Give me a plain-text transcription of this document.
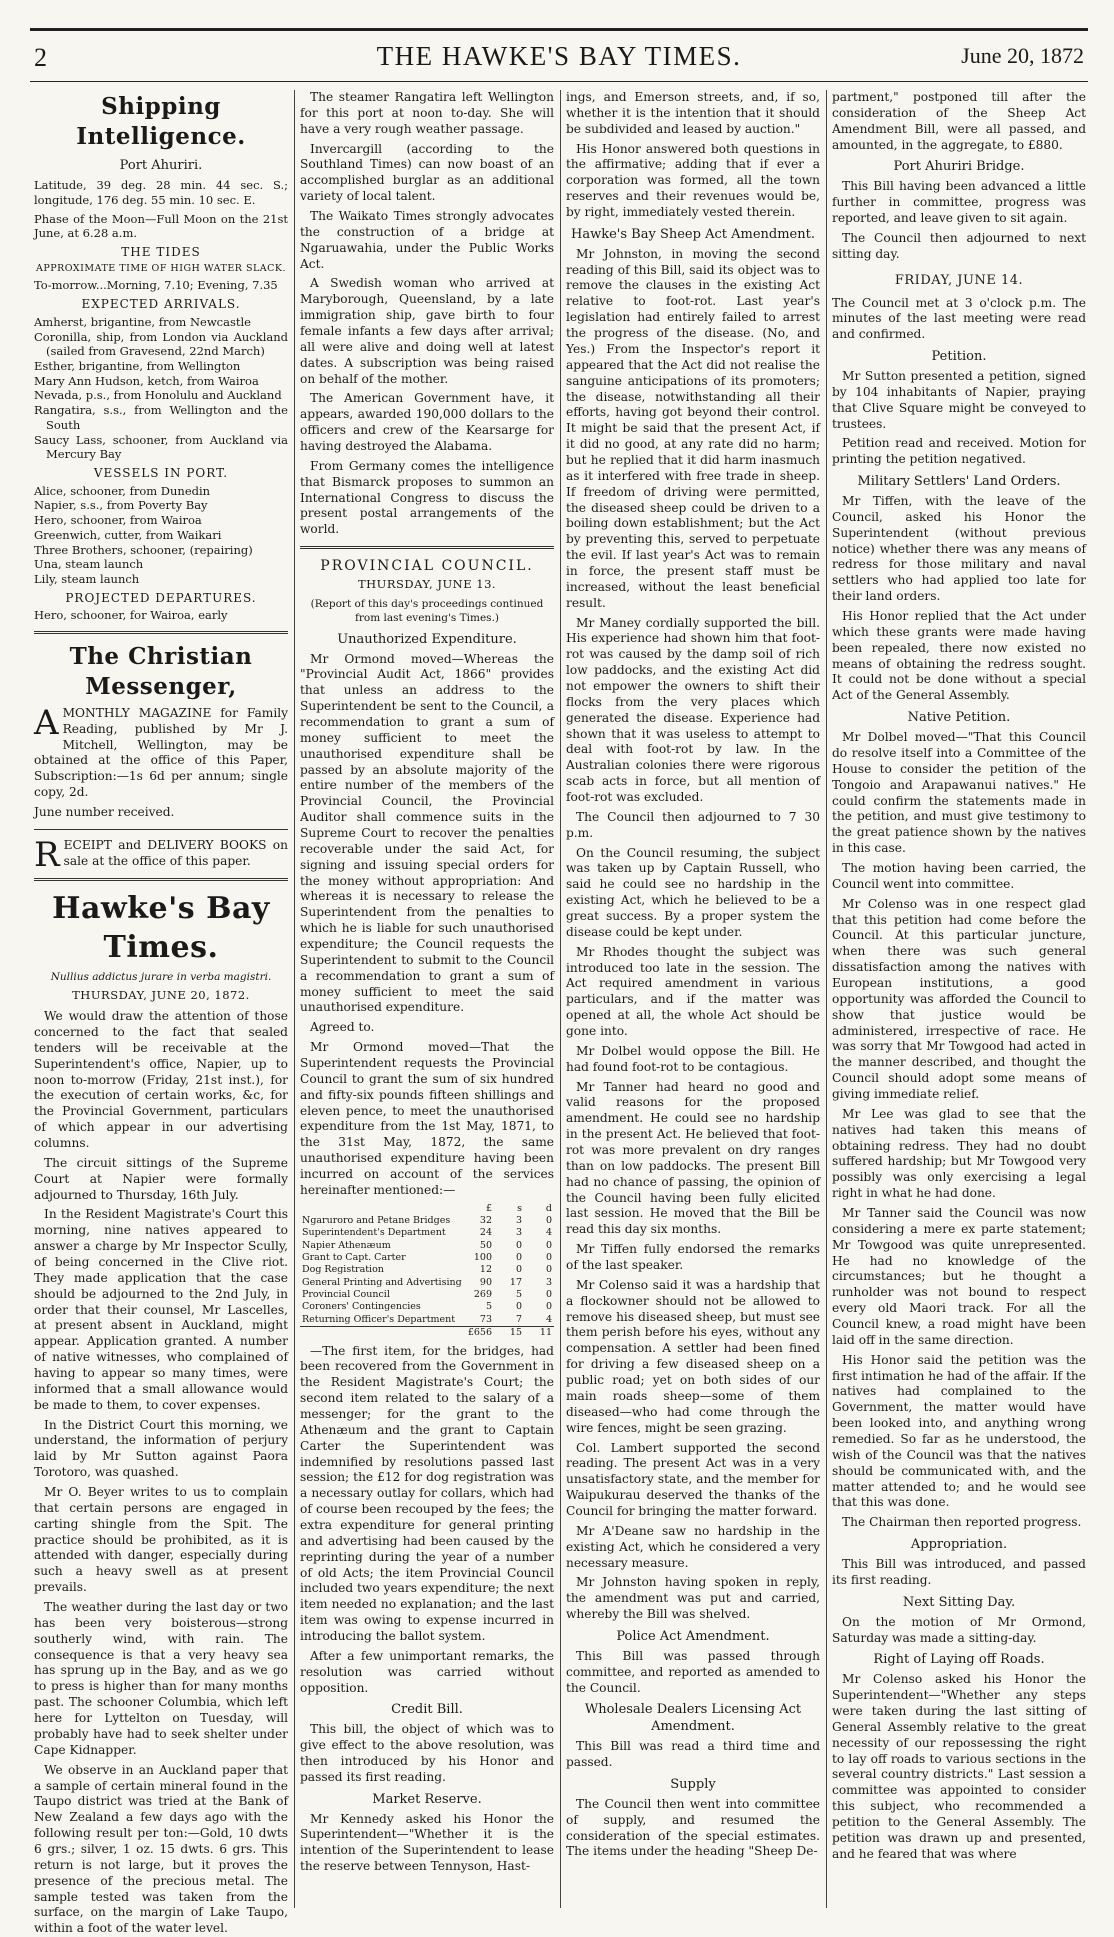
2	THE HAWKE'S BAY TIMES.	June 20, 1872
Shipping Intelligence.
Port Ahuriri.

Latitude, 39 deg. 28 min. 44 sec. S.; longitude, 176 deg. 55 min. 10 sec. E.

Phase of the Moon—Full Moon on the 21st June, at 6.28 a.m.

THE TIDES
APPROXIMATE TIME OF HIGH WATER SLACK.

To-morrow...Morning, 7.10; Evening, 7.35

EXPECTED ARRIVALS.
Amherst, brigantine, from Newcastle
Coronilla, ship, from London via Auckland (sailed from Gravesend, 22nd March)
Esther, brigantine, from Wellington
Mary Ann Hudson, ketch, from Wairoa
Nevada, p.s., from Honolulu and Auckland
Rangatira, s.s., from Wellington and the South
Saucy Lass, schooner, from Auckland via Mercury Bay
VESSELS IN PORT.
Alice, schooner, from Dunedin
Napier, s.s., from Poverty Bay
Hero, schooner, from Wairoa
Greenwich, cutter, from Waikari
Three Brothers, schooner, (repairing)
Una, steam launch
Lily, steam launch
PROJECTED DEPARTURES.
Hero, schooner, for Wairoa, early
The Christian Messenger,

AMONTHLY MAGAZINE for Family Reading, published by Mr J. Mitchell, Wellington, may be obtained at the office of this Paper, Subscription:—1s 6d per annum; single copy, 2d.

June number received.

RECEIPT and DELIVERY BOOKS on sale at the office of this paper.

Hawke's Bay Times.
Nullius addictus jurare in verba magistri.
THURSDAY, JUNE 20, 1872.

We would draw the attention of those concerned to the fact that sealed tenders will be receivable at the Superintendent's office, Napier, up to noon to-morrow (Friday, 21st inst.), for the execution of certain works, &c, for the Provincial Government, particulars of which appear in our advertising columns.

The circuit sittings of the Supreme Court at Napier were formally adjourned to Thursday, 16th July.

In the Resident Magistrate's Court this morning, nine natives appeared to answer a charge by Mr Inspector Scully, of being concerned in the Clive riot. They made application that the case should be adjourned to the 2nd July, in order that their counsel, Mr Lascelles, at present absent in Auckland, might appear. Application granted. A number of native witnesses, who complained of having to appear so many times, were informed that a small allowance would be made to them, to cover expenses.

In the District Court this morning, we understand, the information of perjury laid by Mr Sutton against Paora Torotoro, was quashed.

Mr O. Beyer writes to us to complain that certain persons are engaged in carting shingle from the Spit. The practice should be prohibited, as it is attended with danger, especially during such a heavy swell as at present prevails.

The weather during the last day or two has been very boisterous—strong southerly wind, with rain. The consequence is that a very heavy sea has sprung up in the Bay, and as we go to press is higher than for many months past. The schooner Columbia, which left here for Lyttelton on Tuesday, will probably have had to seek shelter under Cape Kidnapper.

We observe in an Auckland paper that a sample of certain mineral found in the Taupo district was tried at the Bank of New Zealand a few days ago with the following result per ton:—Gold, 10 dwts 6 grs.; silver, 1 oz. 15 dwts. 6 grs. This return is not large, but it proves the presence of the precious metal. The sample tested was taken from the surface, on the margin of Lake Taupo, within a foot of the water level.

The steamer Rangatira left Wellington for this port at noon to-day. She will have a very rough weather passage.

Invercargill (according to the Southland Times) can now boast of an accomplished burglar as an additional variety of local talent.

The Waikato Times strongly advocates the construction of a bridge at Ngaruawahia, under the Public Works Act.

A Swedish woman who arrived at Maryborough, Queensland, by a late immigration ship, gave birth to four female infants a few days after arrival; all were alive and doing well at latest dates. A subscription was being raised on behalf of the mother.

The American Government have, it appears, awarded 190,000 dollars to the officers and crew of the Kearsarge for having destroyed the Alabama.

From Germany comes the intelligence that Bismarck proposes to summon an International Congress to discuss the present postal arrangements of the world.

PROVINCIAL COUNCIL.
THURSDAY, JUNE 13.
(Report of this day's proceedings continued from last evening's Times.)
Unauthorized Expenditure.

Mr Ormond moved—Whereas the "Provincial Audit Act, 1866" provides that unless an address to the Superintendent be sent to the Council, a recommendation to grant a sum of money sufficient to meet the unauthorised expenditure shall be passed by an absolute majority of the entire number of the members of the Provincial Council, the Provincial Auditor shall commence suits in the Supreme Court to recover the penalties recoverable under the said Act, for signing and issuing special orders for the money without appropriation: And whereas it is necessary to release the Superintendent from the penalties to which he is liable for such unauthorised expenditure; the Council requests the Superintendent to submit to the Council a recommendation to grant a sum of money sufficient to meet the said unauthorised expenditure.

Agreed to.

Mr Ormond moved—That the Superintendent requests the Provincial Council to grant the sum of six hundred and fifty-six pounds fifteen shillings and eleven pence, to meet the unauthorised expenditure from the 1st May, 1871, to the 31st May, 1872, the same unauthorised expenditure having been incurred on account of the services hereinafter mentioned:—

	£	s	d
Ngaruroro and Petane Bridges	32	3	0
Superintendent's Department	24	3	4
Napier Athenæum	50	0	0
Grant to Capt. Carter	100	0	0
Dog Registration	12	0	0
General Printing and Advertising	90	17	3
Provincial Council	269	5	0
Coroners' Contingencies	5	0	0
Returning Officer's Department	73	7	4
	£656	15	11

—The first item, for the bridges, had been recovered from the Government in the Resident Magistrate's Court; the second item related to the salary of a messenger; for the grant to the Athenæum and the grant to Captain Carter the Superintendent was indemnified by resolutions passed last session; the £12 for dog registration was a necessary outlay for collars, which had of course been recouped by the fees; the extra expenditure for general printing and advertising had been caused by the reprinting during the year of a number of old Acts; the item Provincial Council included two years expenditure; the next item needed no explanation; and the last item was owing to expense incurred in introducing the ballot system.

After a few unimportant remarks, the resolution was carried without opposition.

Credit Bill.

This bill, the object of which was to give effect to the above resolution, was then introduced by his Honor and passed its first reading.

Market Reserve.

Mr Kennedy asked his Honor the Superintendent—"Whether it is the intention of the Superintendent to lease the reserve between Tennyson, Hast-

ings, and Emerson streets, and, if so, whether it is the intention that it should be subdivided and leased by auction."

His Honor answered both questions in the affirmative; adding that if ever a corporation was formed, all the town reserves and their revenues would be, by right, immediately vested therein.

Hawke's Bay Sheep Act Amendment.

Mr Johnston, in moving the second reading of this Bill, said its object was to remove the clauses in the existing Act relative to foot-rot. Last year's legislation had entirely failed to arrest the progress of the disease. (No, and Yes.) From the Inspector's report it appeared that the Act did not realise the sanguine anticipations of its promoters; the disease, notwithstanding all their efforts, having got beyond their control. It might be said that the present Act, if it did no good, at any rate did no harm; but he replied that it did harm inasmuch as it interfered with free trade in sheep. If freedom of driving were permitted, the diseased sheep could be driven to a boiling down establishment; but the Act by preventing this, served to perpetuate the evil. If last year's Act was to remain in force, the present staff must be increased, without the least beneficial result.

Mr Maney cordially supported the bill. His experience had shown him that foot-rot was caused by the damp soil of rich low paddocks, and the existing Act did not empower the owners to shift their flocks from the very places which generated the disease. Experience had shown that it was useless to attempt to deal with foot-rot by law. In the Australian colonies there were rigorous scab acts in force, but all mention of foot-rot was excluded.

The Council then adjourned to 7 30 p.m.

On the Council resuming, the subject was taken up by Captain Russell, who said he could see no hardship in the existing Act, which he believed to be a great success. By a proper system the disease could be kept under.

Mr Rhodes thought the subject was introduced too late in the session. The Act required amendment in various particulars, and if the matter was opened at all, the whole Act should be gone into.

Mr Dolbel would oppose the Bill. He had found foot-rot to be contagious.

Mr Tanner had heard no good and valid reasons for the proposed amendment. He could see no hardship in the present Act. He believed that foot-rot was more prevalent on dry ranges than on low paddocks. The present Bill had no chance of passing, the opinion of the Council having been fully elicited last session. He moved that the Bill be read this day six months.

Mr Tiffen fully endorsed the remarks of the last speaker.

Mr Colenso said it was a hardship that a flockowner should not be allowed to remove his diseased sheep, but must see them perish before his eyes, without any compensation. A settler had been fined for driving a few diseased sheep on a public road; yet on both sides of our main roads sheep—some of them diseased—who had come through the wire fences, might be seen grazing.

Col. Lambert supported the second reading. The present Act was in a very unsatisfactory state, and the member for Waipukurau deserved the thanks of the Council for bringing the matter forward.

Mr A'Deane saw no hardship in the existing Act, which he considered a very necessary measure.

Mr Johnston having spoken in reply, the amendment was put and carried, whereby the Bill was shelved.

Police Act Amendment.

This Bill was passed through committee, and reported as amended to the Council.

Wholesale Dealers Licensing Act Amendment.

This Bill was read a third time and passed.

Supply

The Council then went into committee of supply, and resumed the consideration of the special estimates. The items under the heading "Sheep De-

partment," postponed till after the consideration of the Sheep Act Amendment Bill, were all passed, and amounted, in the aggregate, to £880.

Port Ahuriri Bridge.

This Bill having been advanced a little further in committee, progress was reported, and leave given to sit again.

The Council then adjourned to next sitting day.

FRIDAY, JUNE 14.

The Council met at 3 o'clock p.m. The minutes of the last meeting were read and confirmed.

Petition.

Mr Sutton presented a petition, signed by 104 inhabitants of Napier, praying that Clive Square might be conveyed to trustees.

Petition read and received. Motion for printing the petition negatived.

Military Settlers' Land Orders.

Mr Tiffen, with the leave of the Council, asked his Honor the Superintendent (without previous notice) whether there was any means of redress for those military and naval settlers who had applied too late for their land orders.

His Honor replied that the Act under which these grants were made having been repealed, there now existed no means of obtaining the redress sought. It could not be done without a special Act of the General Assembly.

Native Petition.

Mr Dolbel moved—"That this Council do resolve itself into a Committee of the House to consider the petition of the Tongoio and Arapawanui natives." He could confirm the statements made in the petition, and must give testimony to the great patience shown by the natives in this case.

The motion having been carried, the Council went into committee.

Mr Colenso was in one respect glad that this petition had come before the Council. At this particular juncture, when there was such general dissatisfaction among the natives with European institutions, a good opportunity was afforded the Council to show that justice would be administered, irrespective of race. He was sorry that Mr Towgood had acted in the manner described, and thought the Council should adopt some means of giving immediate relief.

Mr Lee was glad to see that the natives had taken this means of obtaining redress. They had no doubt suffered hardship; but Mr Towgood very possibly was only exercising a legal right in what he had done.

Mr Tanner said the Council was now considering a mere ex parte statement; Mr Towgood was quite unrepresented. He had no knowledge of the circumstances; but he thought a runholder was not bound to respect every old Maori track. For all the Council knew, a road might have been laid off in the same direction.

His Honor said the petition was the first intimation he had of the affair. If the natives had complained to the Government, the matter would have been looked into, and anything wrong remedied. So far as he understood, the wish of the Council was that the natives should be communicated with, and the matter attended to; and he would see that this was done.

The Chairman then reported progress.

Appropriation.

This Bill was introduced, and passed its first reading.

Next Sitting Day.

On the motion of Mr Ormond, Saturday was made a sitting-day.

Right of Laying off Roads.

Mr Colenso asked his Honor the Superintendent—"Whether any steps were taken during the last sitting of General Assembly relative to the great necessity of our repossessing the right to lay off roads to various sections in the several country districts." Last session a committee was appointed to consider this subject, who recommended a petition to the General Assembly. The petition was drawn up and presented, and he feared that was where
